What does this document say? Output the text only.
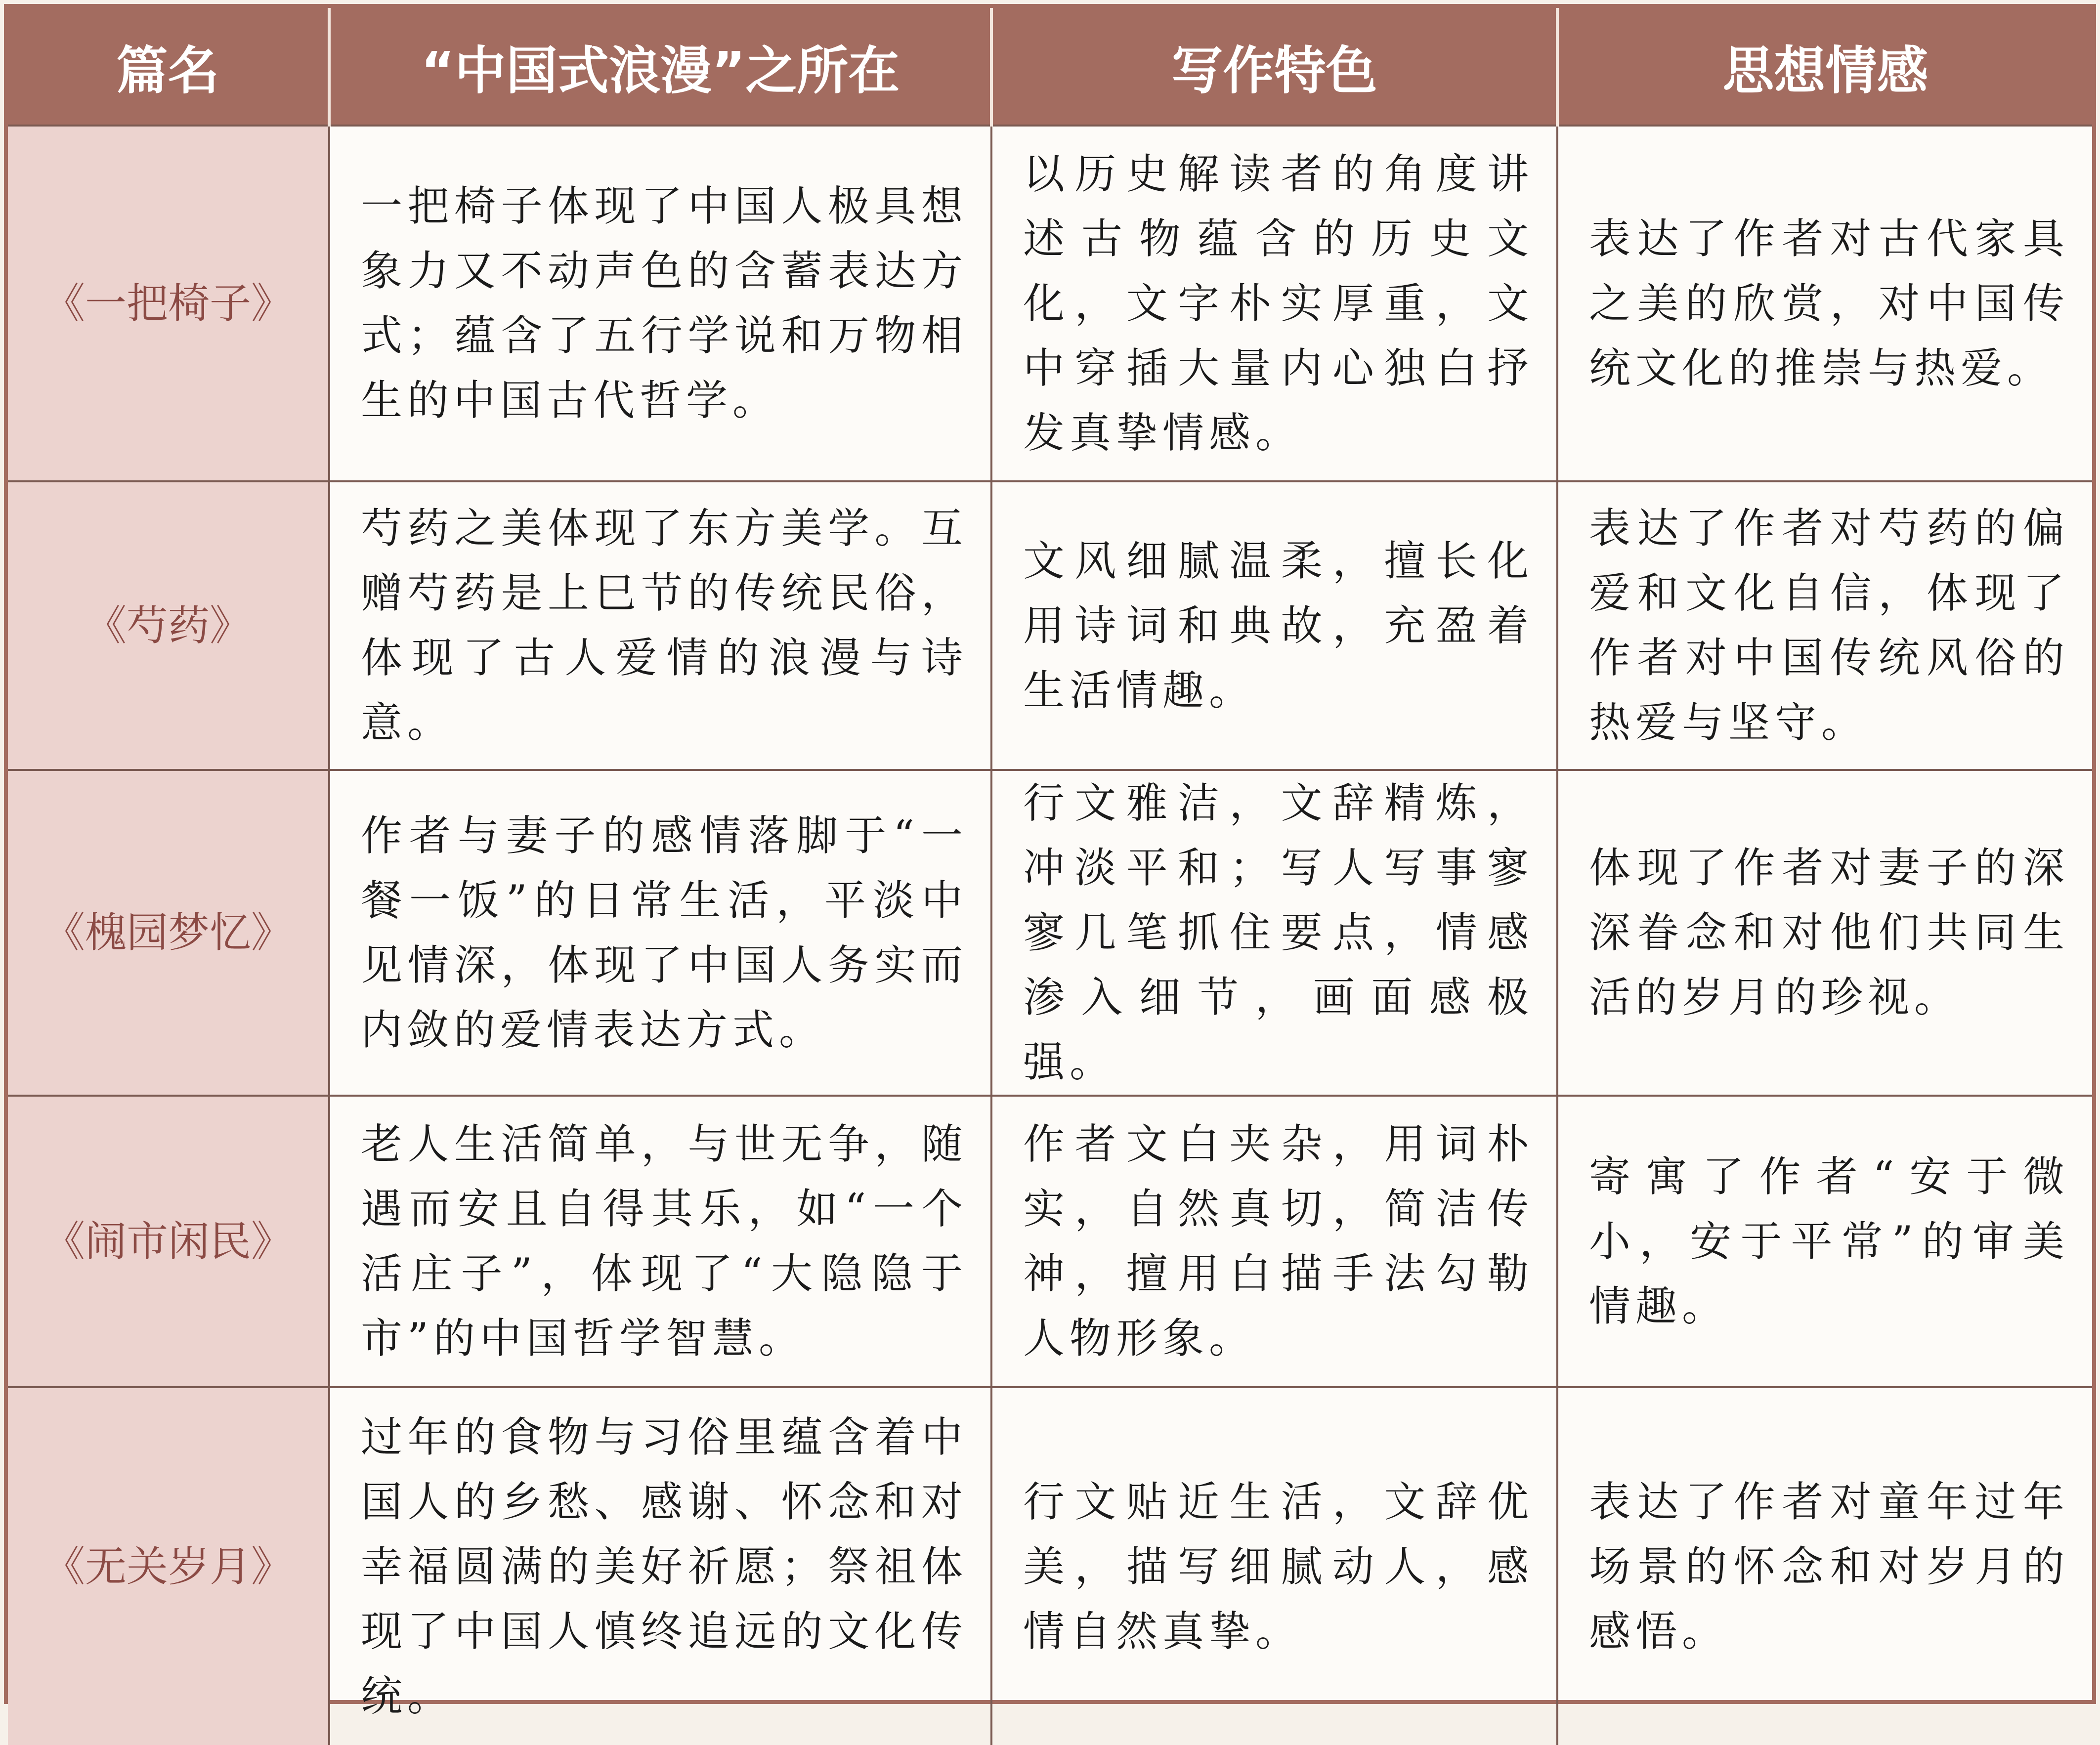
篇名	“中国式浪漫”之所在	写作特色	思想情感
《一把椅子》	一把椅子体现了中国人极具想象力又不动声色的含蓄表达方式；蕴含了五行学说和万物相生的中国古代哲学。	以历史解读者的角度讲述古物蕴含的历史文化，文字朴实厚重，文中穿插大量内心独白抒发真挚情感。	表达了作者对古代家具之美的欣赏，对中国传统文化的推崇与热爱。
《芍药》	芍药之美体现了东方美学。互赠芍药是上巳节的传统民俗，体现了古人爱情的浪漫与诗意。	文风细腻温柔，擅长化用诗词和典故，充盈着生活情趣。	表达了作者对芍药的偏爱和文化自信，体现了作者对中国传统风俗的热爱与坚守。
《槐园梦忆》	作者与妻子的感情落脚于“一餐一饭”的日常生活，平淡中见情深，体现了中国人务实而内敛的爱情表达方式。	行文雅洁，文辞精炼，冲淡平和；写人写事寥寥几笔抓住要点，情感渗入细节，画面感极强。	体现了作者对妻子的深深眷念和对他们共同生活的岁月的珍视。
《闹市闲民》	老人生活简单，与世无争，随遇而安且自得其乐，如“一个活庄子”，体现了“大隐隐于市”的中国哲学智慧。	作者文白夹杂，用词朴实，自然真切，简洁传神，擅用白描手法勾勒人物形象。	寄寓了作者“安于微小，安于平常”的审美情趣。
《无关岁月》	过年的食物与习俗里蕴含着中国人的乡愁、感谢、怀念和对幸福圆满的美好祈愿；祭祖体现了中国人慎终追远的文化传统。	行文贴近生活，文辞优美，描写细腻动人，感情自然真挚。	表达了作者对童年过年场景的怀念和对岁月的感悟。
